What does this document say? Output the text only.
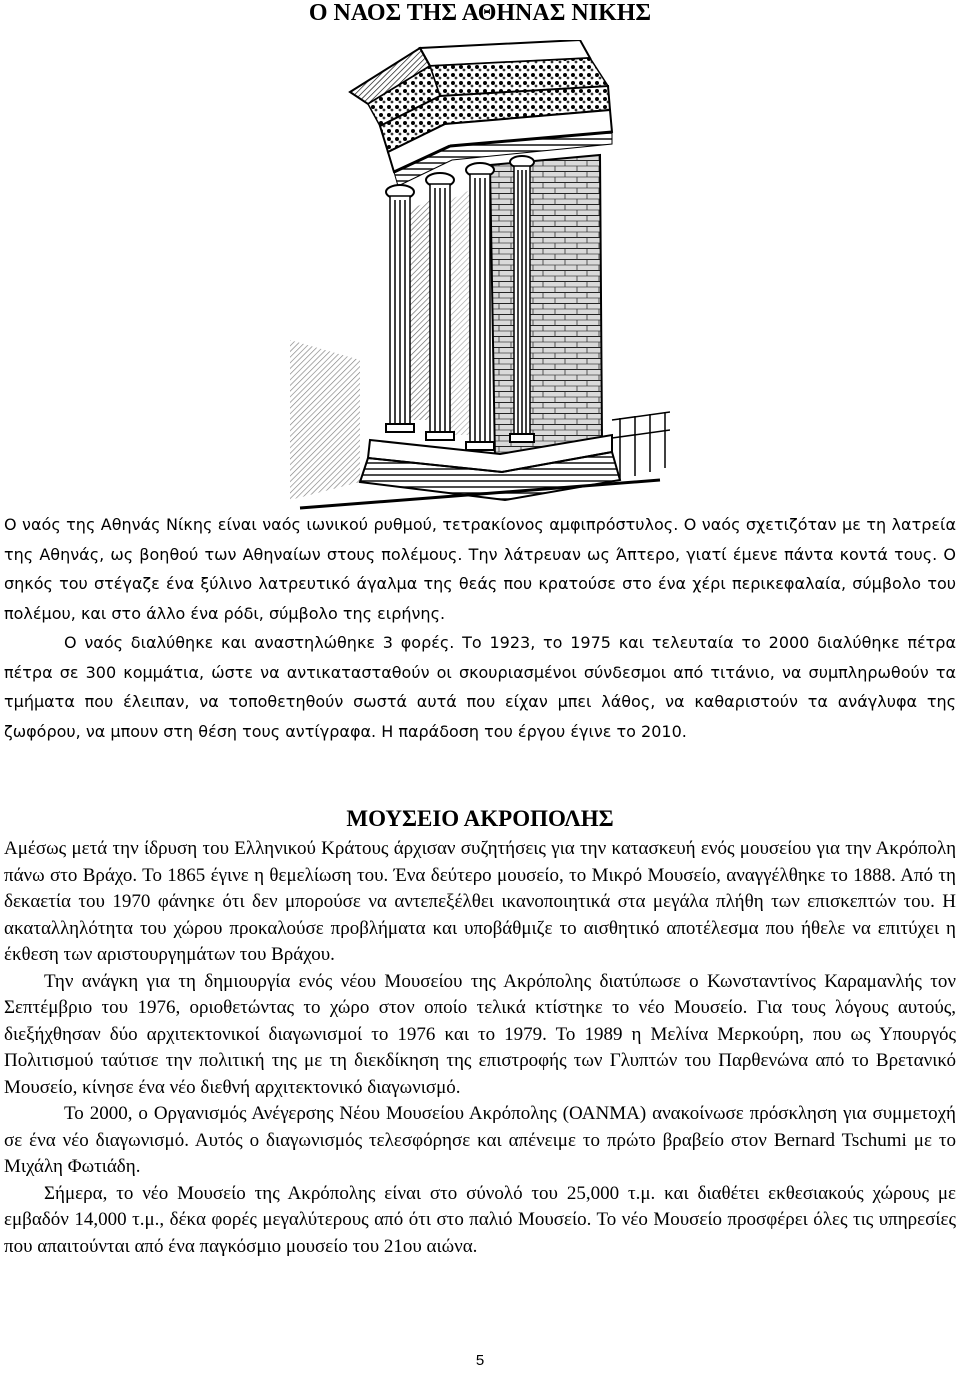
Ο ΝΑΟΣ ΤΗΣ ΑΘΗΝΑΣ ΝΙΚΗΣ

Ο ναός της Αθηνάς Νίκης είναι ναός ιωνικού ρυθμού, τετρακίονος αμφιπρόστυλος. Ο ναός σχετιζόταν με τη λατρεία της Αθηνάς, ως βοηθού των Αθηναίων στους πολέμους. Την λάτρευαν ως Άπτερο, γιατί έμενε πάντα κοντά τους. Ο σηκός του στέγαζε ένα ξύλινο λατρευτικό άγαλμα της θεάς που κρατούσε στο ένα χέρι περικεφαλαία, σύμβολο του πολέμου, και στο άλλο ένα ρόδι, σύμβολο της ειρήνης.

Ο ναός διαλύθηκε και αναστηλώθηκε 3 φορές. Το 1923, το 1975 και τελευταία το 2000 διαλύθηκε πέτρα πέτρα σε 300 κομμάτια, ώστε να αντικατασταθούν οι σκουριασμένοι σύνδεσμοι από τιτάνιο, να συμπληρωθούν τα τμήματα που έλειπαν, να τοποθετηθούν σωστά αυτά που είχαν μπει λάθος, να καθαριστούν τα ανάγλυφα της ζωφόρου, να μπουν στη θέση τους αντίγραφα. Η παράδοση του έργου έγινε το 2010.

ΜΟΥΣΕΙΟ ΑΚΡΟΠΟΛΗΣ

Αμέσως μετά την ίδρυση του Ελληνικού Κράτους άρχισαν συζητήσεις για την κατασκευή ενός μουσείου για την Ακρόπολη πάνω στο Βράχο. Το 1865 έγινε η θεμελίωση του. Ένα δεύτερο μουσείο, το Μικρό Μουσείο, αναγγέλθηκε το 1888. Από τη δεκαετία του 1970 φάνηκε ότι δεν μπορούσε να αντεπεξέλθει ικανοποιητικά στα μεγάλα πλήθη των επισκεπτών του. Η ακαταλληλότητα του χώρου προκαλούσε προβλήματα και υποβάθμιζε το αισθητικό αποτέλεσμα που ήθελε να επιτύχει η έκθεση των αριστουργημάτων του Βράχου.

Την ανάγκη για τη δημιουργία ενός νέου Μουσείου της Ακρόπολης διατύπωσε ο Κωνσταντίνος Καραμανλής τον Σεπτέμβριο του 1976, οριοθετώντας το χώρο στον οποίο τελικά κτίστηκε το νέο Μουσείο. Για τους λόγους αυτούς, διεξήχθησαν δύο αρχιτεκτονικοί διαγωνισμοί το 1976 και το 1979. Το 1989 η Μελίνα Μερκούρη, που ως Υπουργός Πολιτισμού ταύτισε την πολιτική της με τη διεκδίκηση της επιστροφής των Γλυπτών του Παρθενώνα από το Βρετανικό Μουσείο, κίνησε ένα νέο διεθνή αρχιτεκτονικό διαγωνισμό.

Το 2000, ο Οργανισμός Ανέγερσης Νέου Μουσείου Ακρόπολης (ΟΑΝΜΑ) ανακοίνωσε πρόσκληση για συμμετοχή σε ένα νέο διαγωνισμό. Αυτός ο διαγωνισμός τελεσφόρησε και απένειμε το πρώτο βραβείο στον Bernard Tschumi με το Μιχάλη Φωτιάδη.

Σήμερα, το νέο Μουσείο της Ακρόπολης είναι στο σύνολό του 25,000 τ.μ. και διαθέτει εκθεσιακούς χώρους με εμβαδόν 14,000 τ.μ., δέκα φορές μεγαλύτερους από ότι στο παλιό Μουσείο. Το νέο Μουσείο προσφέρει όλες τις υπηρεσίες που απαιτούνται από ένα παγκόσμιο μουσείο του 21ου αιώνα.

5
